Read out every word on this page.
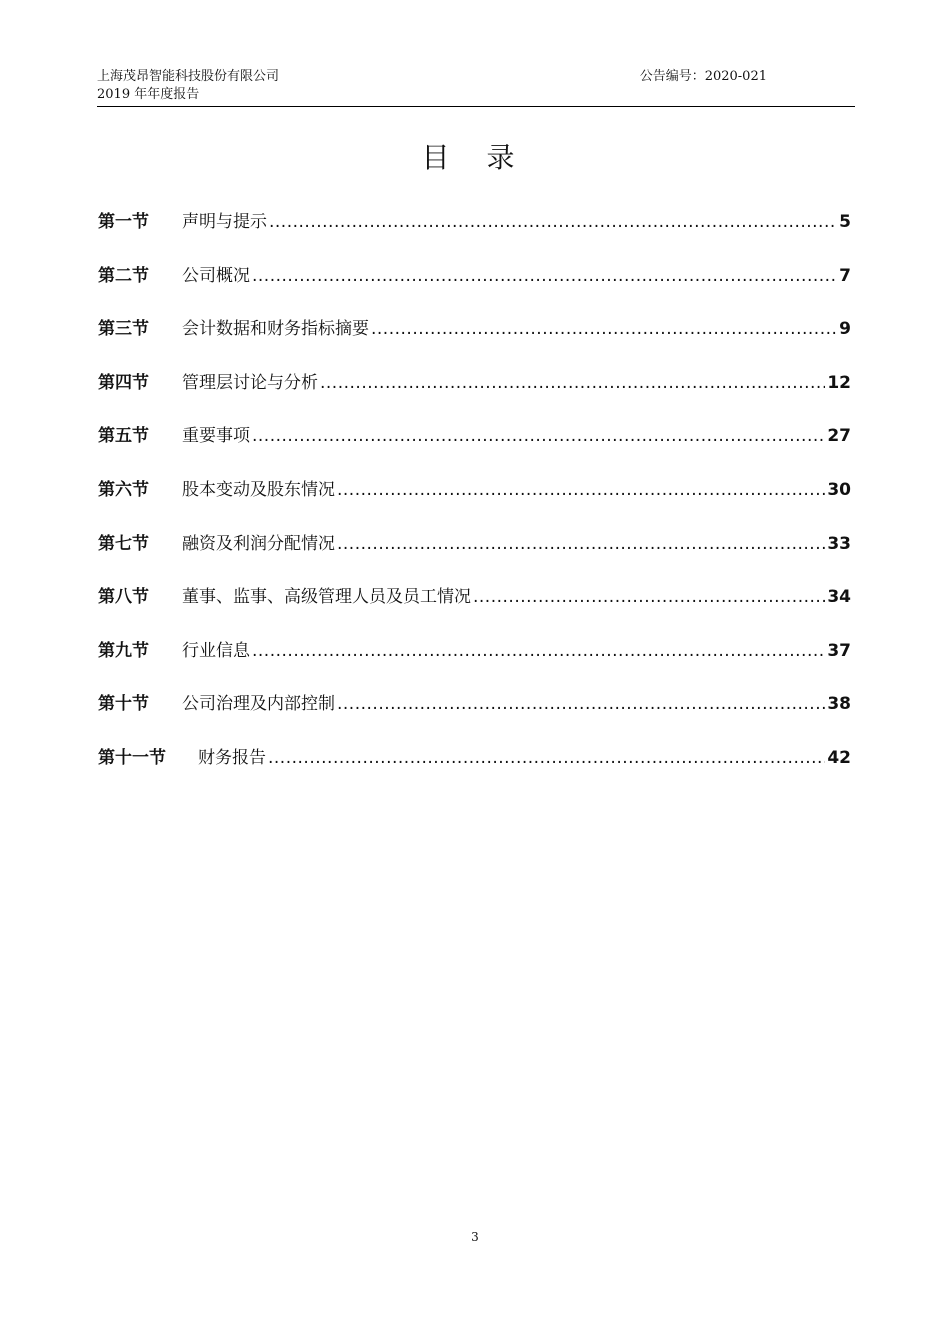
上海茂昂智能科技股份有限公司	公告编号：2020-021
2019 年年度报告
目 录
第一节	声明与提示 .....	5
第二节	公司概况 .....	7
第三节	会计数据和财务指标摘要 .....	9
第四节	管理层讨论与分析 .....	12
第五节	重要事项 .....	27
第六节	股本变动及股东情况 .....	30
第七节	融资及利润分配情况 .....	33
第八节	董事、监事、高级管理人员及员工情况 .....	34
第九节	行业信息 .....	37
第十节	公司治理及内部控制 .....	38
第十一节	财务报告 .....	42
3
